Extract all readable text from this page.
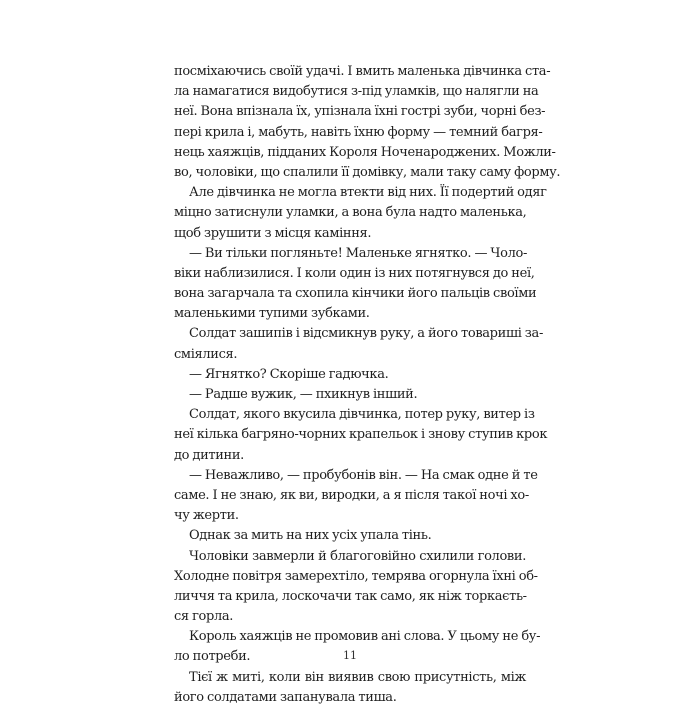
посміхаючись своїй удачі. І вмить маленька дівчинка ста-
ла намагатися видобутися з-під уламків, що налягли на
неї. Вона впізнала їх, упізнала їхні гострі зуби, чорні без-
пері крила і, мабуть, навіть їхню форму — темний багря-
нець хаяжців, підданих Короля Ноченароджених. Можли-
во, чоловіки, що спалили її домівку, мали таку саму форму.
Але дівчинка не могла втекти від них. Її подертий одяг
міцно затиснули уламки, а вона була надто маленька,
щоб зрушити з місця каміння.
— Ви тільки погляньте! Маленьке ягнятко. — Чоло-
віки наблизилися. І коли один із них потягнувся до неї,
вона загарчала та схопила кінчики його пальців своїми
маленькими тупими зубками.
Солдат зашипів і відсмикнув руку, а його товариші за-
сміялися.
— Ягнятко? Скоріше гадючка.
— Радше вужик, — пхикнув інший.
Солдат, якого вкусила дівчинка, потер руку, витер із
неї кілька багряно-чорних крапельок і знову ступив крок
до дитини.
— Неважливо, — пробубонів він. — На смак одне й те
саме. І не знаю, як ви, виродки, а я після такої ночі хо-
чу жерти.
Однак за мить на них усіх упала тінь.
Чоловіки завмерли й благоговійно схилили голови.
Холодне повітря замерехтіло, темрява огорнула їхні об-
личчя та крила, лоскочачи так само, як ніж торкаєть-
ся горла.
Король хаяжців не промовив ані слова. У цьому не бу-
ло потреби.
Тієї ж миті, коли він виявив свою присутність, між
його солдатами запанувала тиша.
11
